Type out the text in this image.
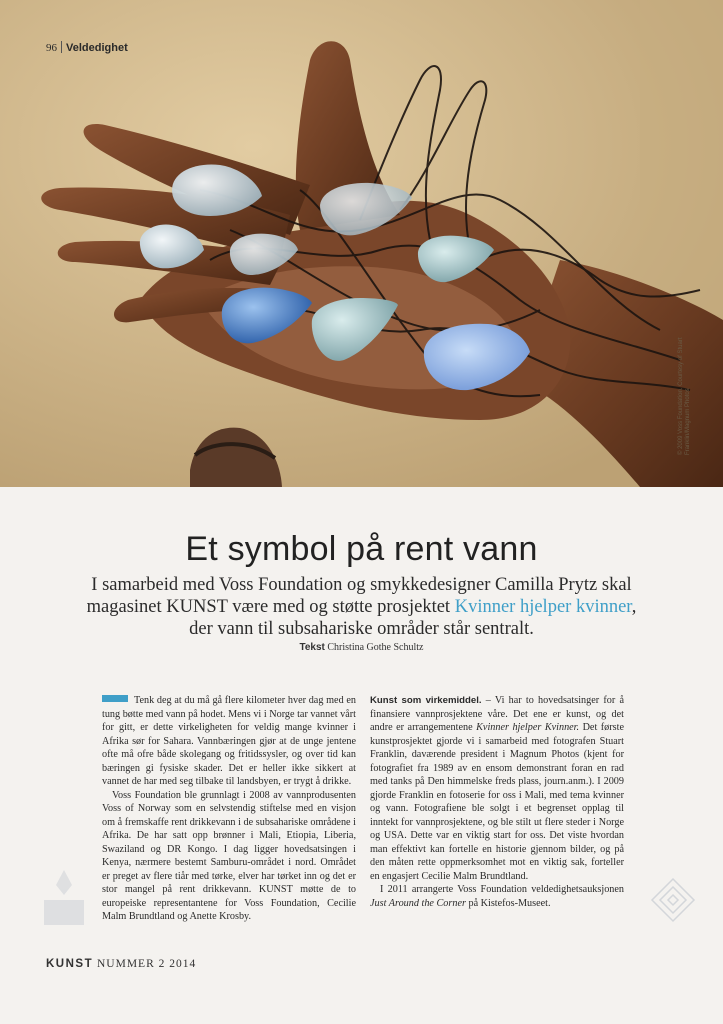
96 Veldedighet
© 2009 Voss Foundation. Courtesy of Stuart Franklin/Magnum Photos
Et symbol på rent vann

I samarbeid med Voss Foundation og smykkedesigner Camilla Prytz skal magasinet KUNST være med og støtte prosjektet Kvinner hjelper kvinner, der vann til subsahariske områder står sentralt.

Tekst Christina Gothe Schultz

Tenk deg at du må gå flere kilometer hver dag med en tung bøtte med vann på hodet. Mens vi i Norge tar vannet vårt for gitt, er dette virkeligheten for veldig mange kvinner i Afrika sør for Sahara. Vannbæringen gjør at de unge jentene ofte må ofre både skolegang og fritidssysler, og over tid kan bæringen gi fysiske skader. Det er heller ikke sikkert at vannet de har med seg tilbake til landsbyen, er trygt å drikke.

Voss Foundation ble grunnlagt i 2008 av vannprodusenten Voss of Norway som en selvstendig stiftelse med en visjon om å fremskaffe rent drikkevann i de subsahariske områdene i Afrika. De har satt opp brønner i Mali, Etiopia, Liberia, Swaziland og DR Kongo. I dag ligger hovedsatsingen i Kenya, nærmere bestemt Samburu-området i nord. Området er preget av flere tiår med tørke, elver har tørket inn og det er stor mangel på rent drikkevann. KUNST møtte de to europeiske representantene for Voss Foundation, Cecilie Malm Brundtland og Anette Krosby.

Kunst som virkemiddel. – Vi har to hovedsatsinger for å finansiere vannprosjektene våre. Det ene er kunst, og det andre er arrangementene Kvinner hjelper Kvinner. Det første kunstprosjektet gjorde vi i samarbeid med fotografen Stuart Franklin, daværende president i Magnum Photos (kjent for fotografiet fra 1989 av en ensom demonstrant foran en rad med tanks på Den himmelske freds plass, journ.anm.). I 2009 gjorde Franklin en fotoserie for oss i Mali, med tema kvinner og vann. Fotografiene ble solgt i et begrenset opplag til inntekt for vannprosjektene, og ble stilt ut flere steder i Norge og USA. Dette var en viktig start for oss. Det viste hvordan man effektivt kan fortelle en historie gjennom bilder, og på den måten rette oppmerksomhet mot en viktig sak, forteller en engasjert Cecilie Malm Brundtland.

I 2011 arrangerte Voss Foundation veldedighetsauksjonen Just Around the Corner på Kistefos-Museet.

KUNST NUMMER 2 2014
